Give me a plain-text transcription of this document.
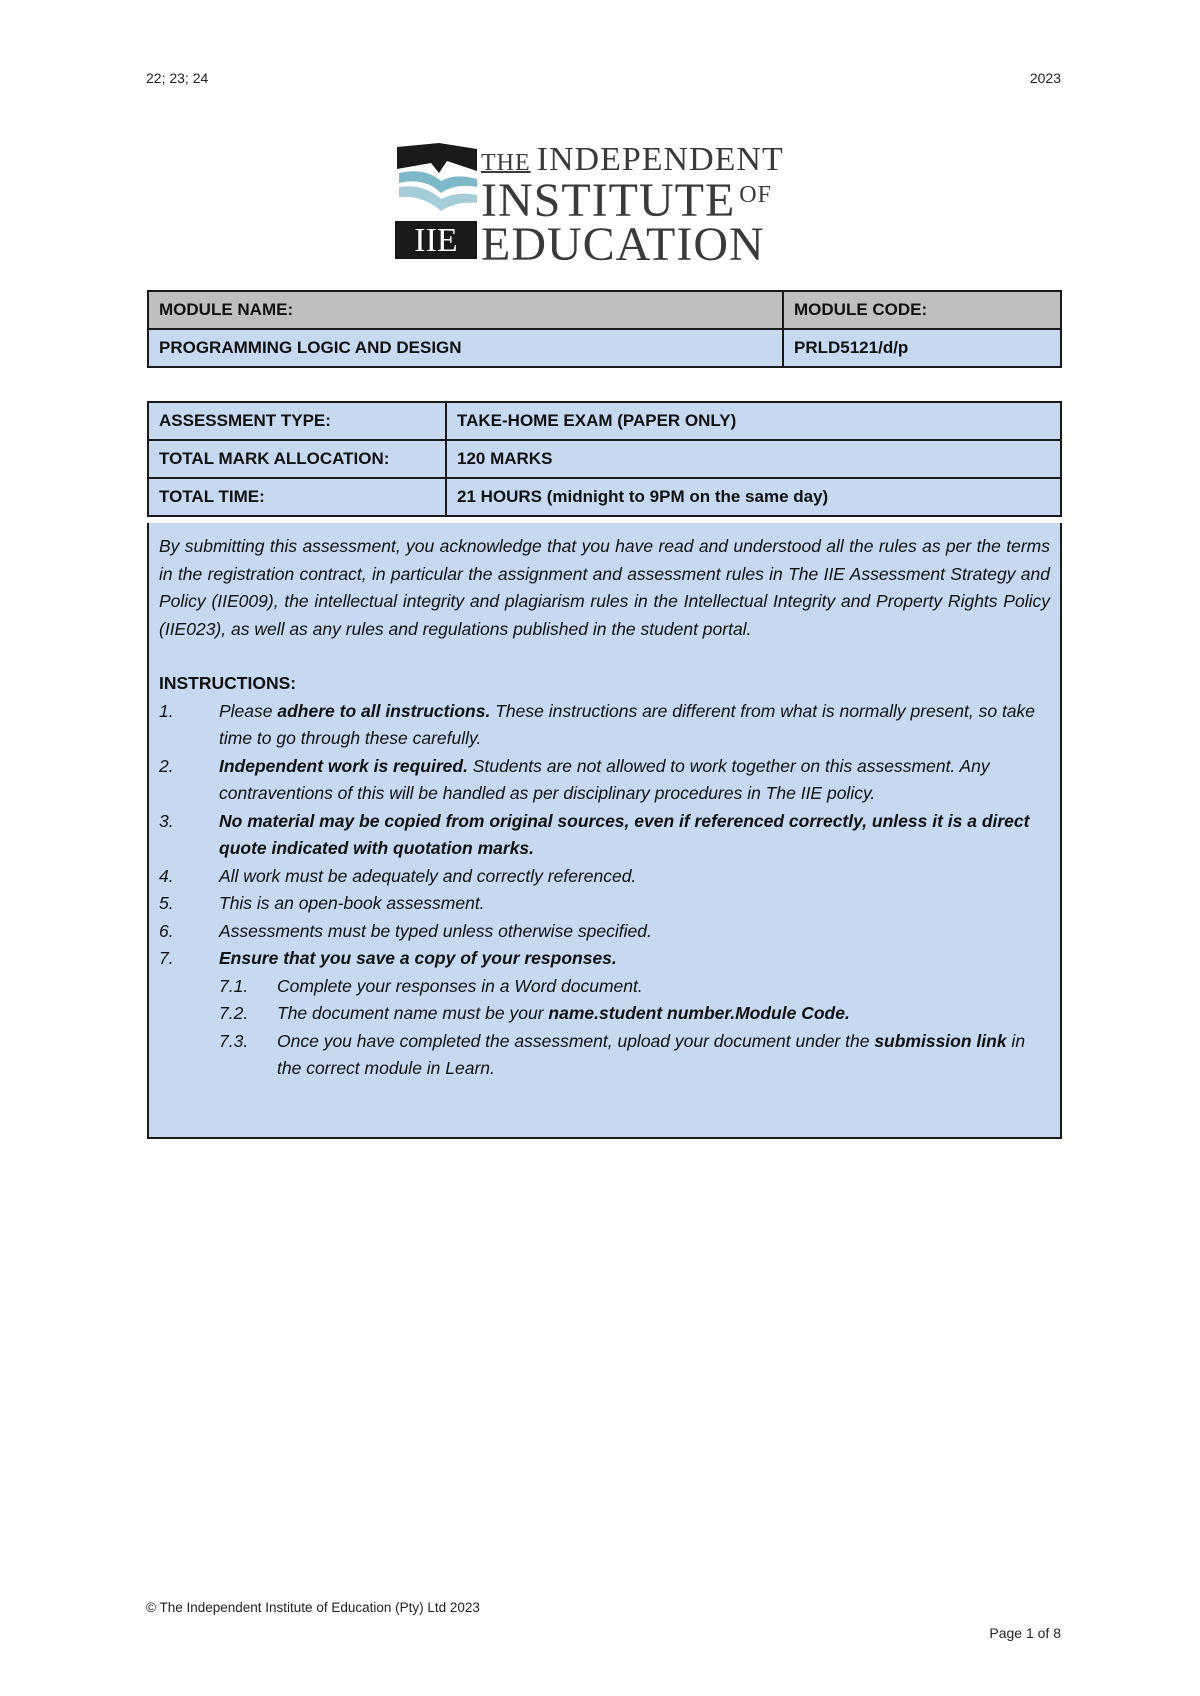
22; 23; 24	2023
IIE
THE INDEPENDENT
INSTITUTE $^{OF}$
EDUCATION
MODULE NAME:	MODULE CODE:
PROGRAMMING LOGIC AND DESIGN	PRLD5121/d/p
ASSESSMENT TYPE:	TAKE-HOME EXAM (PAPER ONLY)
TOTAL MARK ALLOCATION:	120 MARKS
TOTAL TIME:	21 HOURS (midnight to 9PM on the same day)

By submitting this assessment, you acknowledge that you have read and understood all the rules as per the terms in the registration contract, in particular the assignment and assessment rules in The IIE Assessment Strategy and Policy (IIE009), the intellectual integrity and plagiarism rules in the Intellectual Integrity and Property Rights Policy (IIE023), as well as any rules and regulations published in the student portal.

INSTRUCTIONS:
1.	Please adhere to all instructions. These instructions are different from what is normally present, so take time to go through these carefully.
2.	Independent work is required. Students are not allowed to work together on this assessment. Any contraventions of this will be handled as per disciplinary procedures in The IIE policy.
3.	No material may be copied from original sources, even if referenced correctly, unless it is a direct quote indicated with quotation marks.
4.	All work must be adequately and correctly referenced.
5.	This is an open-book assessment.
6.	Assessments must be typed unless otherwise specified.
7.	Ensure that you save a copy of your responses.
7.1.	Complete your responses in a Word document.
7.2.	The document name must be your name.student number.Module Code.
7.3.	Once you have completed the assessment, upload your document under the submission link in the correct module in Learn.
© The Independent Institute of Education (Pty) Ltd 2023
Page 1 of 8
